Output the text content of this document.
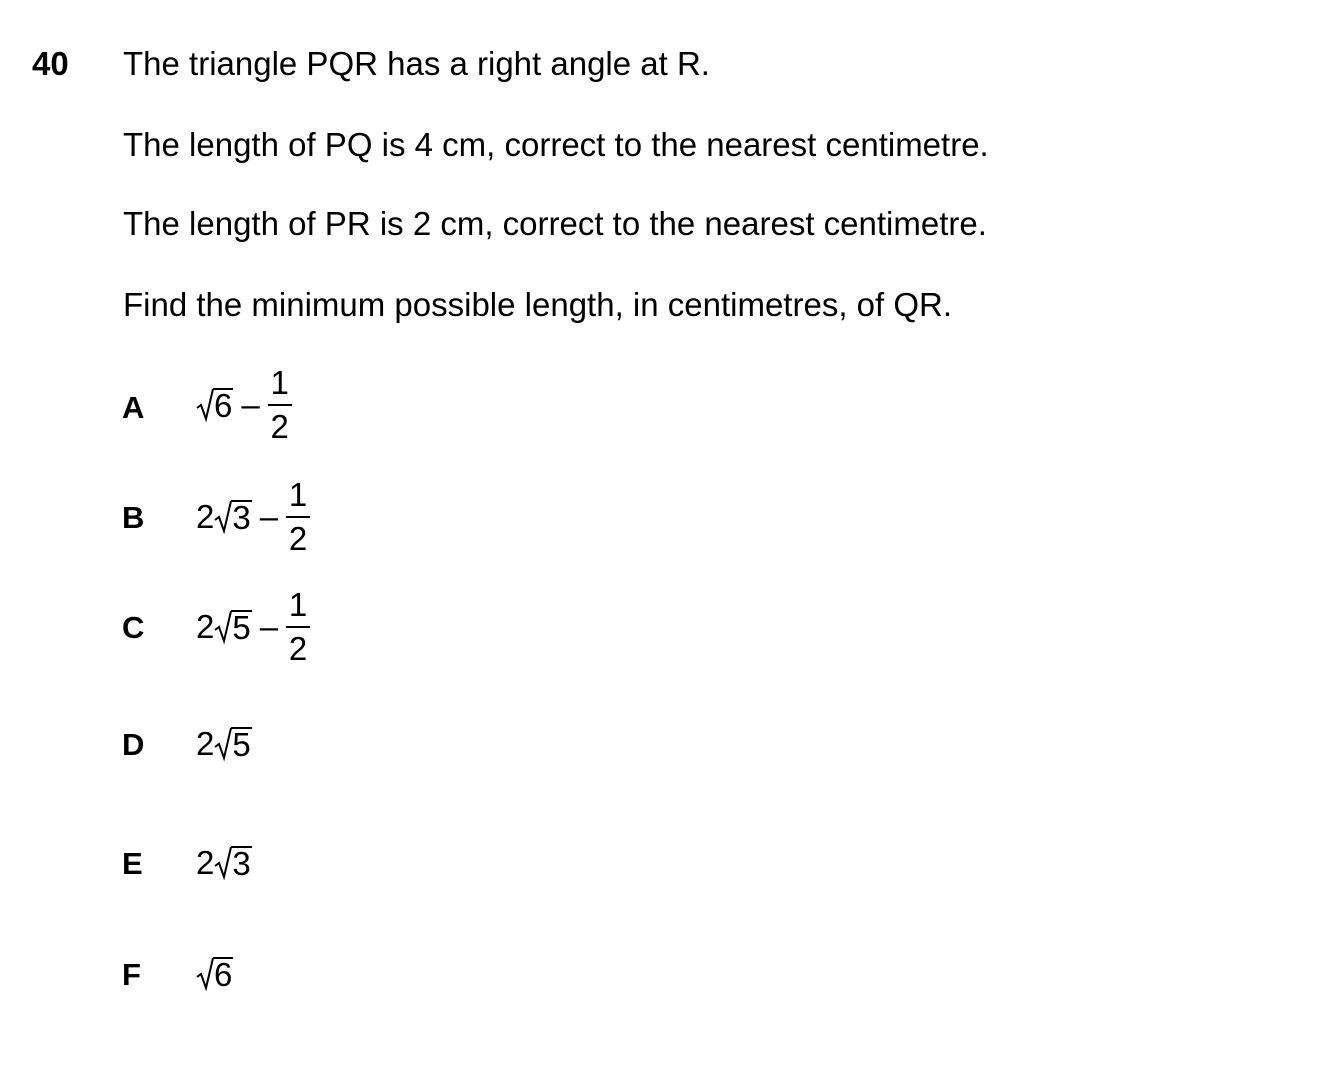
40 The triangle PQR has a right angle at R.
The length of PQ is 4 cm, correct to the nearest centimetre.
The length of PR is 2 cm, correct to the nearest centimetre.
Find the minimum possible length, in centimetres, of QR.
A $6 - \frac{1}{2}$
B 2 $3 - \frac{1}{2}$
C 2 $5 - \frac{1}{2}$
D 2 5
E 2 3
F 6
